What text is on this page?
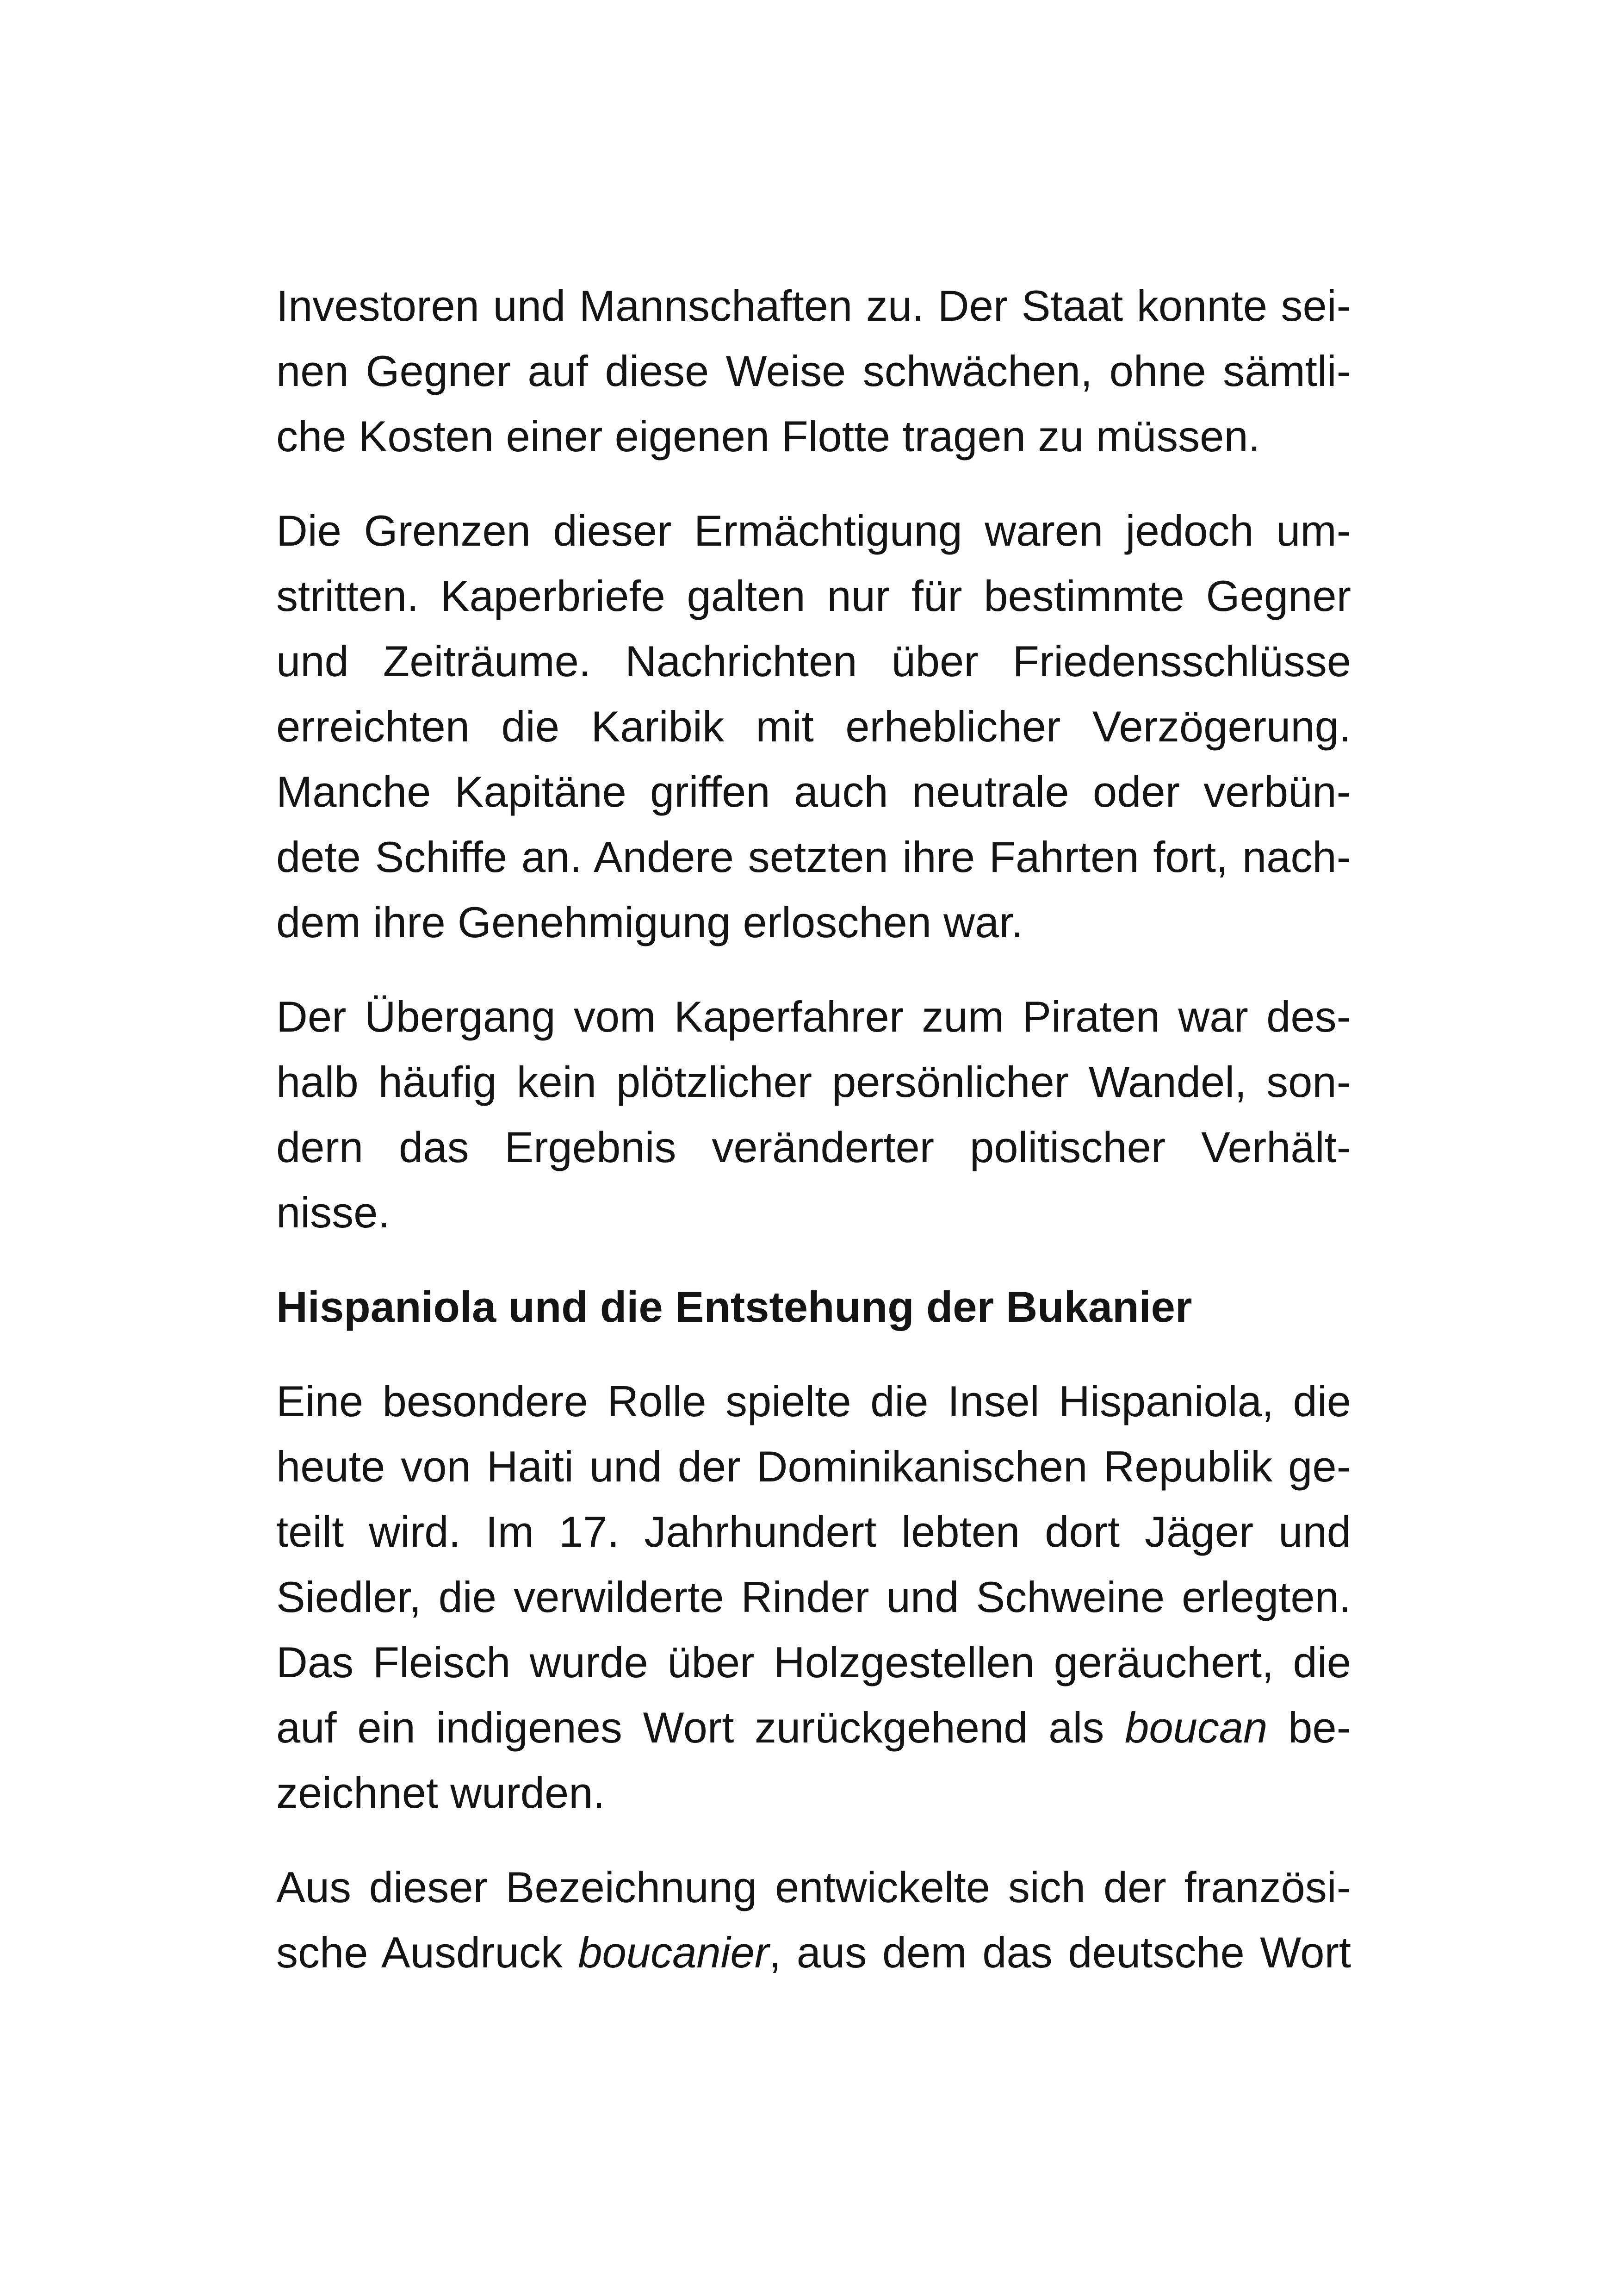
Investoren und Mannschaften zu. Der Staat konnte sei-
nen Gegner auf diese Weise schwächen, ohne sämtli-
che Kosten einer eigenen Flotte tragen zu müssen.

Die Grenzen dieser Ermächtigung waren jedoch um-
stritten. Kaperbriefe galten nur für bestimmte Gegner
und Zeiträume. Nachrichten über Friedensschlüsse
erreichten die Karibik mit erheblicher Verzögerung.
Manche Kapitäne griffen auch neutrale oder verbün-
dete Schiffe an. Andere setzten ihre Fahrten fort, nach-
dem ihre Genehmigung erloschen war.

Der Übergang vom Kaperfahrer zum Piraten war des-
halb häufig kein plötzlicher persönlicher Wandel, son-
dern das Ergebnis veränderter politischer Verhält-
nisse.

Hispaniola und die Entstehung der Bukanier

Eine besondere Rolle spielte die Insel Hispaniola, die
heute von Haiti und der Dominikanischen Republik ge-
teilt wird. Im 17. Jahrhundert lebten dort Jäger und
Siedler, die verwilderte Rinder und Schweine erlegten.
Das Fleisch wurde über Holzgestellen geräuchert, die
auf ein indigenes Wort zurückgehend als boucan be-
zeichnet wurden.

Aus dieser Bezeichnung entwickelte sich der französi-
sche Ausdruck boucanier, aus dem das deutsche Wort
